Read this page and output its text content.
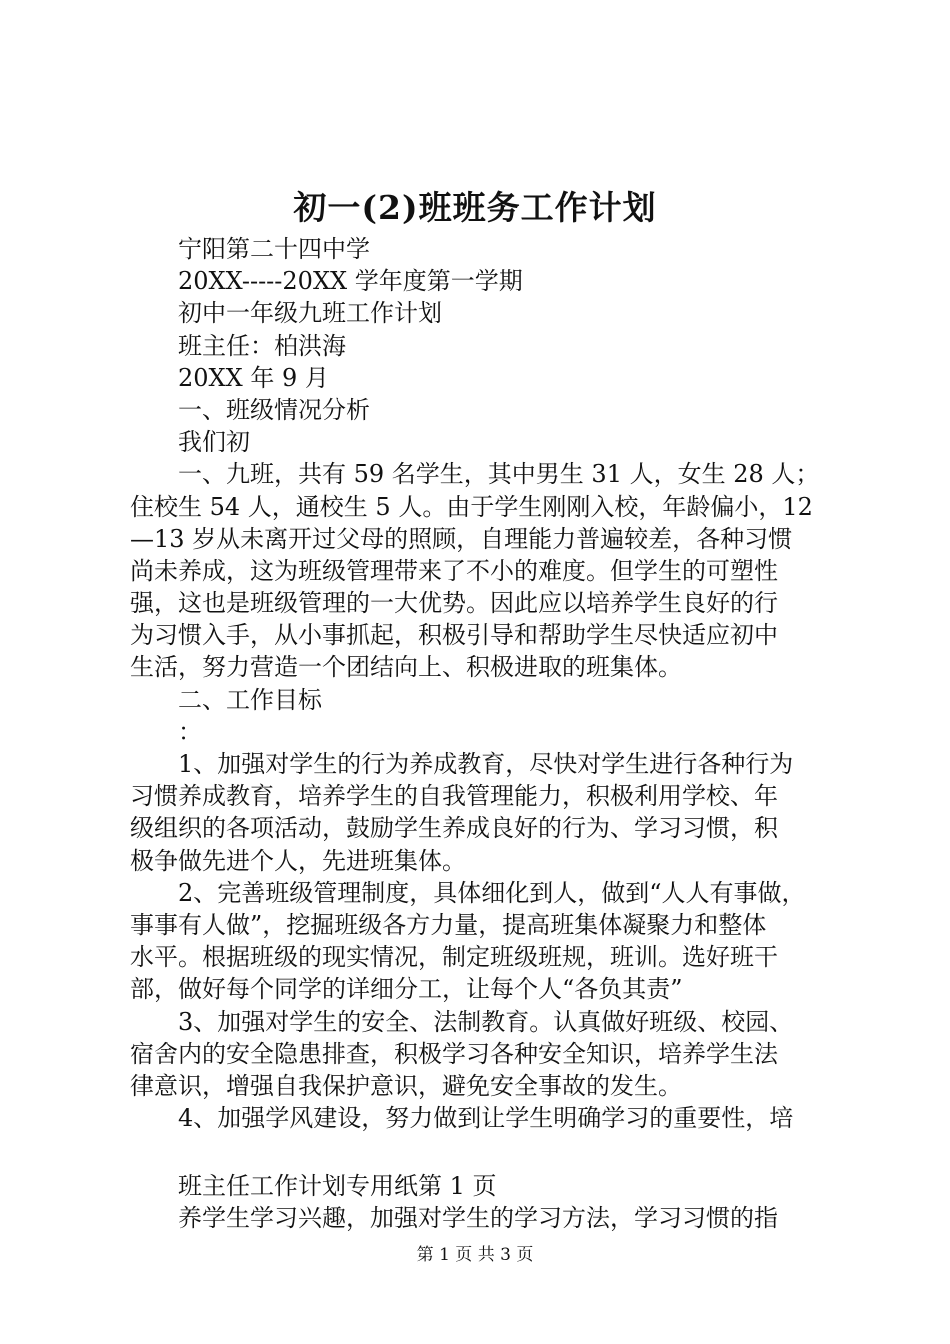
初一(2)班班务工作计划
宁阳第二十四中学
20XX-----20XX 学年度第一学期
初中一年级九班工作计划
班主任：柏洪海
20XX 年 9 月
一、班级情况分析
我们初
一、九班，共有 59 名学生，其中男生 31 人，女生 28 人；
住校生 54 人，通校生 5 人。由于学生刚刚入校，年龄偏小，12
—13 岁从未离开过父母的照顾，自理能力普遍较差，各种习惯
尚未养成，这为班级管理带来了不小的难度。但学生的可塑性
强，这也是班级管理的一大优势。因此应以培养学生良好的行
为习惯入手，从小事抓起，积极引导和帮助学生尽快适应初中
生活，努力营造一个团结向上、积极进取的班集体。
二、工作目标
：
1、加强对学生的行为养成教育，尽快对学生进行各种行为
习惯养成教育，培养学生的自我管理能力，积极利用学校、年
级组织的各项活动，鼓励学生养成良好的行为、学习习惯，积
极争做先进个人，先进班集体。
2、完善班级管理制度，具体细化到人，做到“人人有事做，
事事有人做”，挖掘班级各方力量，提高班集体凝聚力和整体
水平。根据班级的现实情况，制定班级班规，班训。选好班干
部，做好每个同学的详细分工，让每个人“各负其责”
3、加强对学生的安全、法制教育。认真做好班级、校园、
宿舍内的安全隐患排查，积极学习各种安全知识，培养学生法
律意识，增强自我保护意识，避免安全事故的发生。
4、加强学风建设，努力做到让学生明确学习的重要性，培
班主任工作计划专用纸第 1 页
养学生学习兴趣，加强对学生的学习方法，学习习惯的指
第 1 页 共 3 页
